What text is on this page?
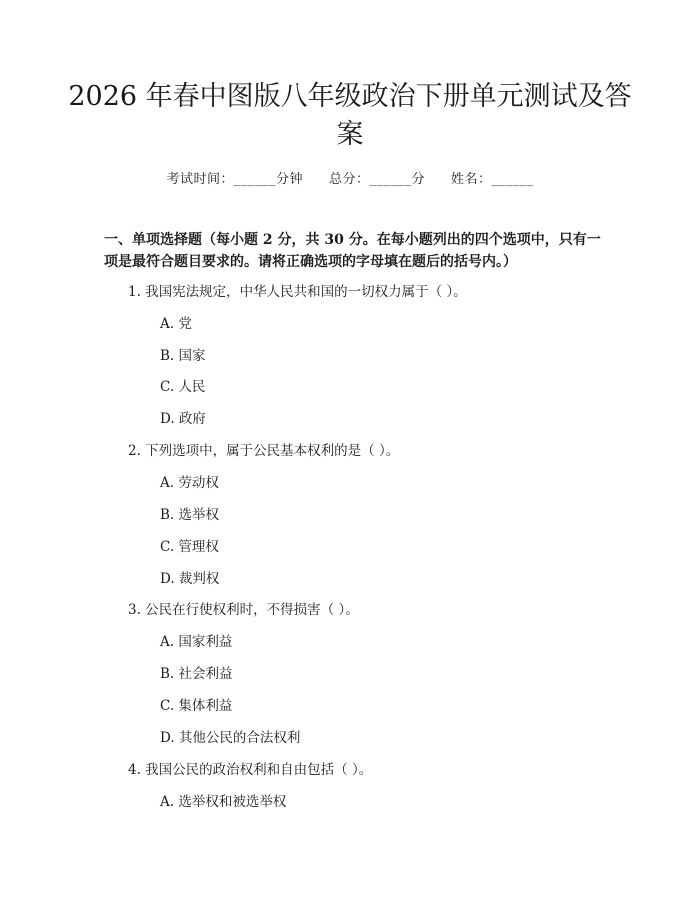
2026 年春中图版八年级政治下册单元测试及答案
考试时间：______分钟 总分：______分 姓名：______

一、单项选择题（每小题 2 分，共 30 分。在每小题列出的四个选项中，只有一项是最符合题目要求的。请将正确选项的字母填在题后的括号内。）

1. 我国宪法规定，中华人民共和国的一切权力属于（ ）。
A. 党
B. 国家
C. 人民
D. 政府
2. 下列选项中，属于公民基本权利的是（ ）。
A. 劳动权
B. 选举权
C. 管理权
D. 裁判权
3. 公民在行使权利时，不得损害（ ）。
A. 国家利益
B. 社会利益
C. 集体利益
D. 其他公民的合法权利
4. 我国公民的政治权利和自由包括（ ）。
A. 选举权和被选举权
